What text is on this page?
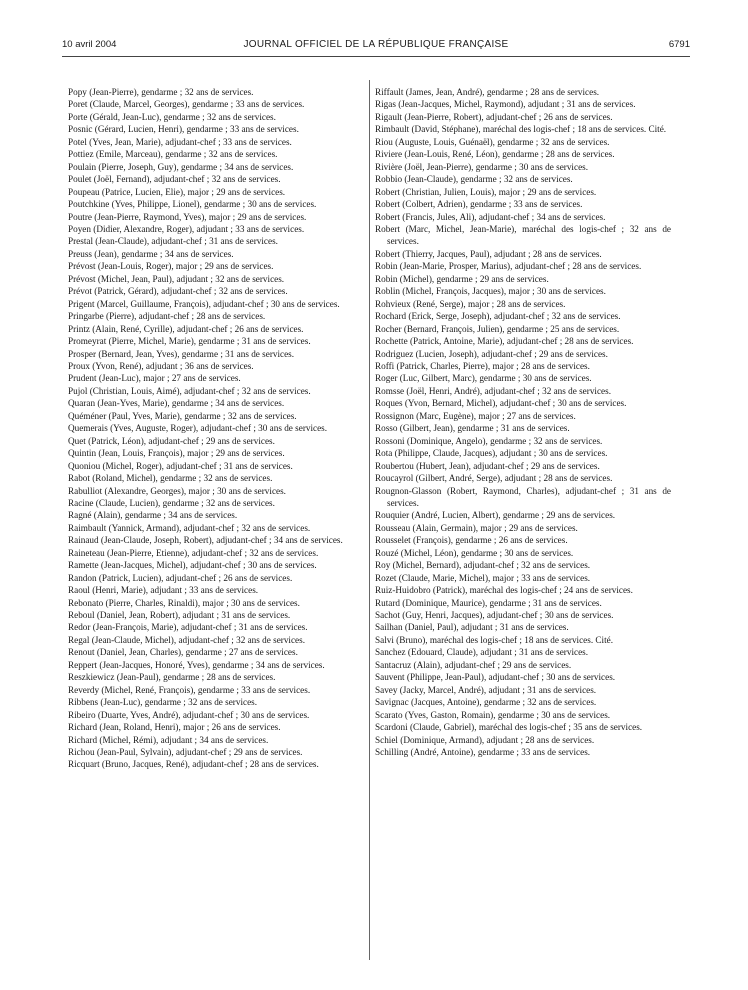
10 avril 2004	JOURNAL OFFICIEL DE LA RÉPUBLIQUE FRANÇAISE	6791

Popy (Jean-Pierre), gendarme ; 32 ans de services.

Poret (Claude, Marcel, Georges), gendarme ; 33 ans de services.

Porte (Gérald, Jean-Luc), gendarme ; 32 ans de services.

Posnic (Gérard, Lucien, Henri), gendarme ; 33 ans de services.

Potel (Yves, Jean, Marie), adjudant-chef ; 33 ans de services.

Pottiez (Emile, Marceau), gendarme ; 32 ans de services.

Poulain (Pierre, Joseph, Guy), gendarme ; 34 ans de services.

Poulet (Joël, Fernand), adjudant-chef ; 32 ans de services.

Poupeau (Patrice, Lucien, Elie), major ; 29 ans de services.

Poutchkine (Yves, Philippe, Lionel), gendarme ; 30 ans de services.

Poutre (Jean-Pierre, Raymond, Yves), major ; 29 ans de services.

Poyen (Didier, Alexandre, Roger), adjudant ; 33 ans de services.

Prestal (Jean-Claude), adjudant-chef ; 31 ans de services.

Preuss (Jean), gendarme ; 34 ans de services.

Prévost (Jean-Louis, Roger), major ; 29 ans de services.

Prévost (Michel, Jean, Paul), adjudant ; 32 ans de services.

Prévot (Patrick, Gérard), adjudant-chef ; 32 ans de services.

Prigent (Marcel, Guillaume, François), adjudant-chef ; 30 ans de services.

Pringarbe (Pierre), adjudant-chef ; 28 ans de services.

Printz (Alain, René, Cyrille), adjudant-chef ; 26 ans de services.

Promeyrat (Pierre, Michel, Marie), gendarme ; 31 ans de services.

Prosper (Bernard, Jean, Yves), gendarme ; 31 ans de services.

Proux (Yvon, René), adjudant ; 36 ans de services.

Prudent (Jean-Luc), major ; 27 ans de services.

Pujol (Christian, Louis, Aimé), adjudant-chef ; 32 ans de services.

Quaran (Jean-Yves, Marie), gendarme ; 34 ans de services.

Quéméner (Paul, Yves, Marie), gendarme ; 32 ans de services.

Quemerais (Yves, Auguste, Roger), adjudant-chef ; 30 ans de services.

Quet (Patrick, Léon), adjudant-chef ; 29 ans de services.

Quintin (Jean, Louis, François), major ; 29 ans de services.

Quoniou (Michel, Roger), adjudant-chef ; 31 ans de services.

Rabot (Roland, Michel), gendarme ; 32 ans de services.

Rabulliot (Alexandre, Georges), major ; 30 ans de services.

Racine (Claude, Lucien), gendarme ; 32 ans de services.

Ragné (Alain), gendarme ; 34 ans de services.

Raimbault (Yannick, Armand), adjudant-chef ; 32 ans de services.

Rainaud (Jean-Claude, Joseph, Robert), adjudant-chef ; 34 ans de services.

Raineteau (Jean-Pierre, Etienne), adjudant-chef ; 32 ans de services.

Ramette (Jean-Jacques, Michel), adjudant-chef ; 30 ans de services.

Randon (Patrick, Lucien), adjudant-chef ; 26 ans de services.

Raoul (Henri, Marie), adjudant ; 33 ans de services.

Rebonato (Pierre, Charles, Rinaldi), major ; 30 ans de services.

Reboul (Daniel, Jean, Robert), adjudant ; 31 ans de services.

Redor (Jean-François, Marie), adjudant-chef ; 31 ans de services.

Regal (Jean-Claude, Michel), adjudant-chef ; 32 ans de services.

Renout (Daniel, Jean, Charles), gendarme ; 27 ans de services.

Reppert (Jean-Jacques, Honoré, Yves), gendarme ; 34 ans de services.

Reszkiewicz (Jean-Paul), gendarme ; 28 ans de services.

Reverdy (Michel, René, François), gendarme ; 33 ans de services.

Ribbens (Jean-Luc), gendarme ; 32 ans de services.

Ribeiro (Duarte, Yves, André), adjudant-chef ; 30 ans de services.

Richard (Jean, Roland, Henri), major ; 26 ans de services.

Richard (Michel, Rémi), adjudant ; 34 ans de services.

Richou (Jean-Paul, Sylvain), adjudant-chef ; 29 ans de services.

Ricquart (Bruno, Jacques, René), adjudant-chef ; 28 ans de services.

Riffault (James, Jean, André), gendarme ; 28 ans de services.

Rigas (Jean-Jacques, Michel, Raymond), adjudant ; 31 ans de services.

Rigault (Jean-Pierre, Robert), adjudant-chef ; 26 ans de services.

Rimbault (David, Stéphane), maréchal des logis-chef ; 18 ans de services. Cité.

Riou (Auguste, Louis, Guénaël), gendarme ; 32 ans de services.

Riviere (Jean-Louis, René, Léon), gendarme ; 28 ans de services.

Rivière (Joël, Jean-Pierre), gendarme ; 30 ans de services.

Robbio (Jean-Claude), gendarme ; 32 ans de services.

Robert (Christian, Julien, Louis), major ; 29 ans de services.

Robert (Colbert, Adrien), gendarme ; 33 ans de services.

Robert (Francis, Jules, Ali), adjudant-chef ; 34 ans de services.

Robert (Marc, Michel, Jean-Marie), maréchal des logis-chef ; 32 ans de services.

Robert (Thierry, Jacques, Paul), adjudant ; 28 ans de services.

Robin (Jean-Marie, Prosper, Marius), adjudant-chef ; 28 ans de services.

Robin (Michel), gendarme ; 29 ans de services.

Roblin (Michel, François, Jacques), major ; 30 ans de services.

Rohvieux (René, Serge), major ; 28 ans de services.

Rochard (Erick, Serge, Joseph), adjudant-chef ; 32 ans de services.

Rocher (Bernard, François, Julien), gendarme ; 25 ans de services.

Rochette (Patrick, Antoine, Marie), adjudant-chef ; 28 ans de services.

Rodriguez (Lucien, Joseph), adjudant-chef ; 29 ans de services.

Roffi (Patrick, Charles, Pierre), major ; 28 ans de services.

Roger (Luc, Gilbert, Marc), gendarme ; 30 ans de services.

Romsse (Joël, Henri, André), adjudant-chef ; 32 ans de services.

Roques (Yvon, Bernard, Michel), adjudant-chef ; 30 ans de services.

Rossignon (Marc, Eugène), major ; 27 ans de services.

Rosso (Gilbert, Jean), gendarme ; 31 ans de services.

Rossoni (Dominique, Angelo), gendarme ; 32 ans de services.

Rota (Philippe, Claude, Jacques), adjudant ; 30 ans de services.

Roubertou (Hubert, Jean), adjudant-chef ; 29 ans de services.

Roucayrol (Gilbert, André, Serge), adjudant ; 28 ans de services.

Rougnon-Glasson (Robert, Raymond, Charles), adjudant-chef ; 31 ans de services.

Rouquier (André, Lucien, Albert), gendarme ; 29 ans de services.

Rousseau (Alain, Germain), major ; 29 ans de services.

Rousselet (François), gendarme ; 26 ans de services.

Rouzé (Michel, Léon), gendarme ; 30 ans de services.

Roy (Michel, Bernard), adjudant-chef ; 32 ans de services.

Rozet (Claude, Marie, Michel), major ; 33 ans de services.

Ruiz-Huidobro (Patrick), maréchal des logis-chef ; 24 ans de services.

Rutard (Dominique, Maurice), gendarme ; 31 ans de services.

Sachot (Guy, Henri, Jacques), adjudant-chef ; 30 ans de services.

Sailhan (Daniel, Paul), adjudant ; 31 ans de services.

Salvi (Bruno), maréchal des logis-chef ; 18 ans de services. Cité.

Sanchez (Edouard, Claude), adjudant ; 31 ans de services.

Santacruz (Alain), adjudant-chef ; 29 ans de services.

Sauvent (Philippe, Jean-Paul), adjudant-chef ; 30 ans de services.

Savey (Jacky, Marcel, André), adjudant ; 31 ans de services.

Savignac (Jacques, Antoine), gendarme ; 32 ans de services.

Scarato (Yves, Gaston, Romain), gendarme ; 30 ans de services.

Scardoni (Claude, Gabriel), maréchal des logis-chef ; 35 ans de services.

Schiel (Dominique, Armand), adjudant ; 28 ans de services.

Schilling (André, Antoine), gendarme ; 33 ans de services.
